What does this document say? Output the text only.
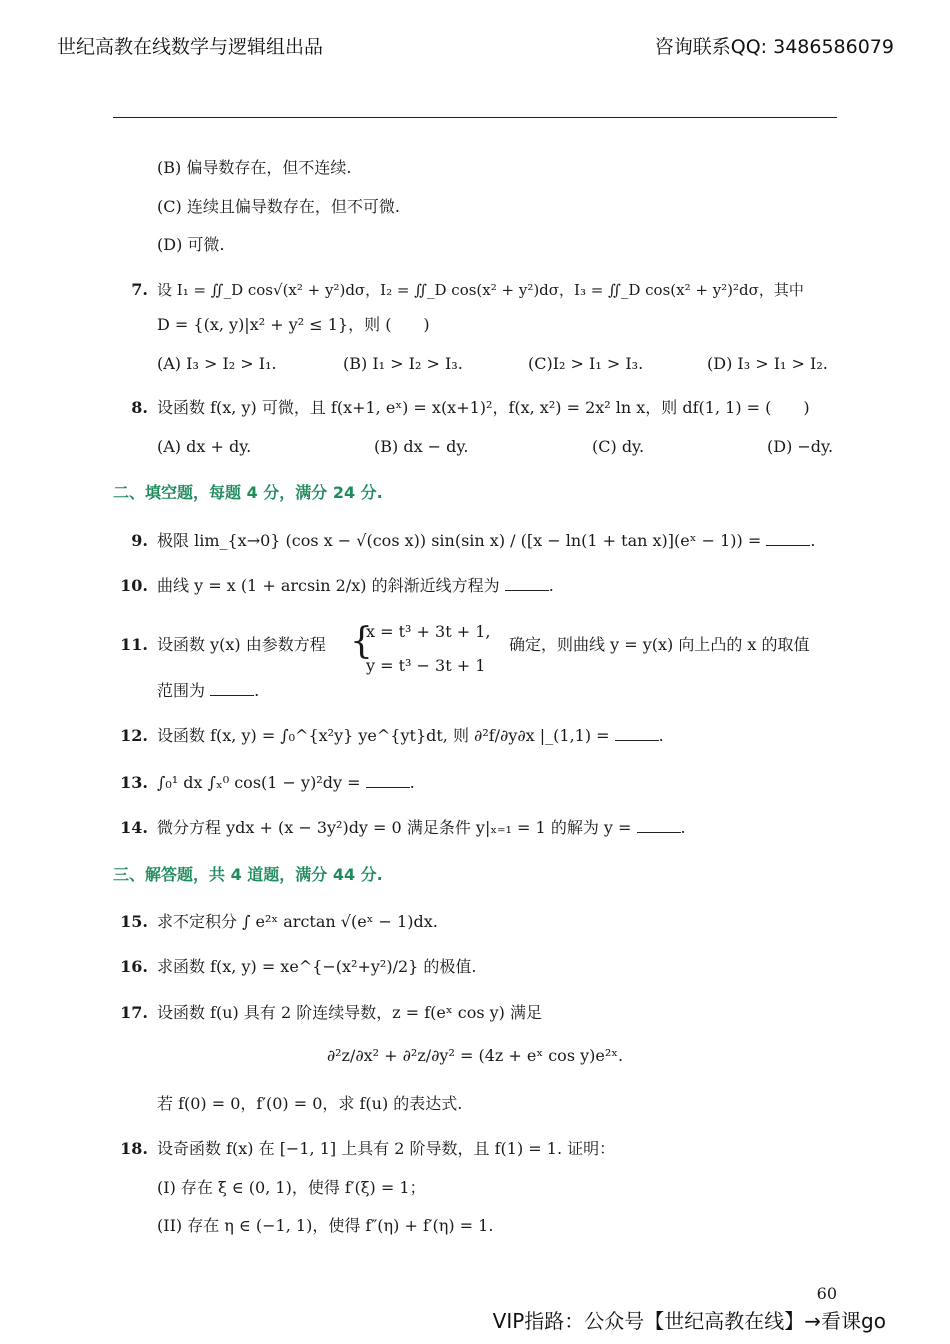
世纪高教在线数学与逻辑组出品	咨询联系QQ: 3486586079
(B) 偏导数存在，但不连续.
(C) 连续且偏导数存在，但不可微.
(D) 可微.
7. 设 I₁ = ∬_D cos√(x² + y²)dσ，I₂ = ∬_D cos(x² + y²)dσ，I₃ = ∬_D cos(x² + y²)²dσ，其中
D = {(x, y)|x² + y² ≤ 1}，则 (　　)
(A) I₃ > I₂ > I₁.	(B) I₁ > I₂ > I₃.	(C)I₂ > I₁ > I₃.	(D) I₃ > I₁ > I₂.
8. 设函数 f(x, y) 可微，且 f(x+1, eˣ) = x(x+1)²，f(x, x²) = 2x² ln x，则 df(1, 1) = (　　)
(A) dx + dy.	(B) dx − dy.	(C) dy.	(D) −dy.
二、填空题，每题 4 分，满分 24 分.
9. 极限 lim_{x→0} (cos x − √(cos x)) sin(sin x) / ([x − ln(1 + tan x)](eˣ − 1)) =	.
10. 曲线 y = x (1 + arcsin 2/x) 的斜渐近线方程为	.
11. 设函数 y(x) 由参数方程 {
x = t³ + 3t + 1,
y = t³ − 3t + 1
确定，则曲线 y = y(x) 向上凸的 x 的取值
范围为	.
12. 设函数 f(x, y) = ∫₀^{x²y} ye^{yt}dt, 则 ∂²f/∂y∂x |_(1,1) =	.
13. ∫₀¹ dx ∫ₓ⁰ cos(1 − y)²dy =	.
14. 微分方程 ydx + (x − 3y²)dy = 0 满足条件 y|ₓ₌₁ = 1 的解为 y =	.
三、解答题，共 4 道题，满分 44 分.
15. 求不定积分 ∫ e²ˣ arctan √(eˣ − 1)dx.
16. 求函数 f(x, y) = xe^{−(x²+y²)/2} 的极值.
17. 设函数 f(u) 具有 2 阶连续导数，z = f(eˣ cos y) 满足
∂²z/∂x² + ∂²z/∂y² = (4z + eˣ cos y)e²ˣ.
若 f(0) = 0，f′(0) = 0，求 f(u) 的表达式.
18. 设奇函数 f(x) 在 [−1, 1] 上具有 2 阶导数，且 f(1) = 1. 证明：
(I) 存在 ξ ∈ (0, 1)，使得 f′(ξ) = 1；
(II) 存在 η ∈ (−1, 1)，使得 f″(η) + f′(η) = 1.
60
VIP指路：公众号【世纪高教在线】→看课go
